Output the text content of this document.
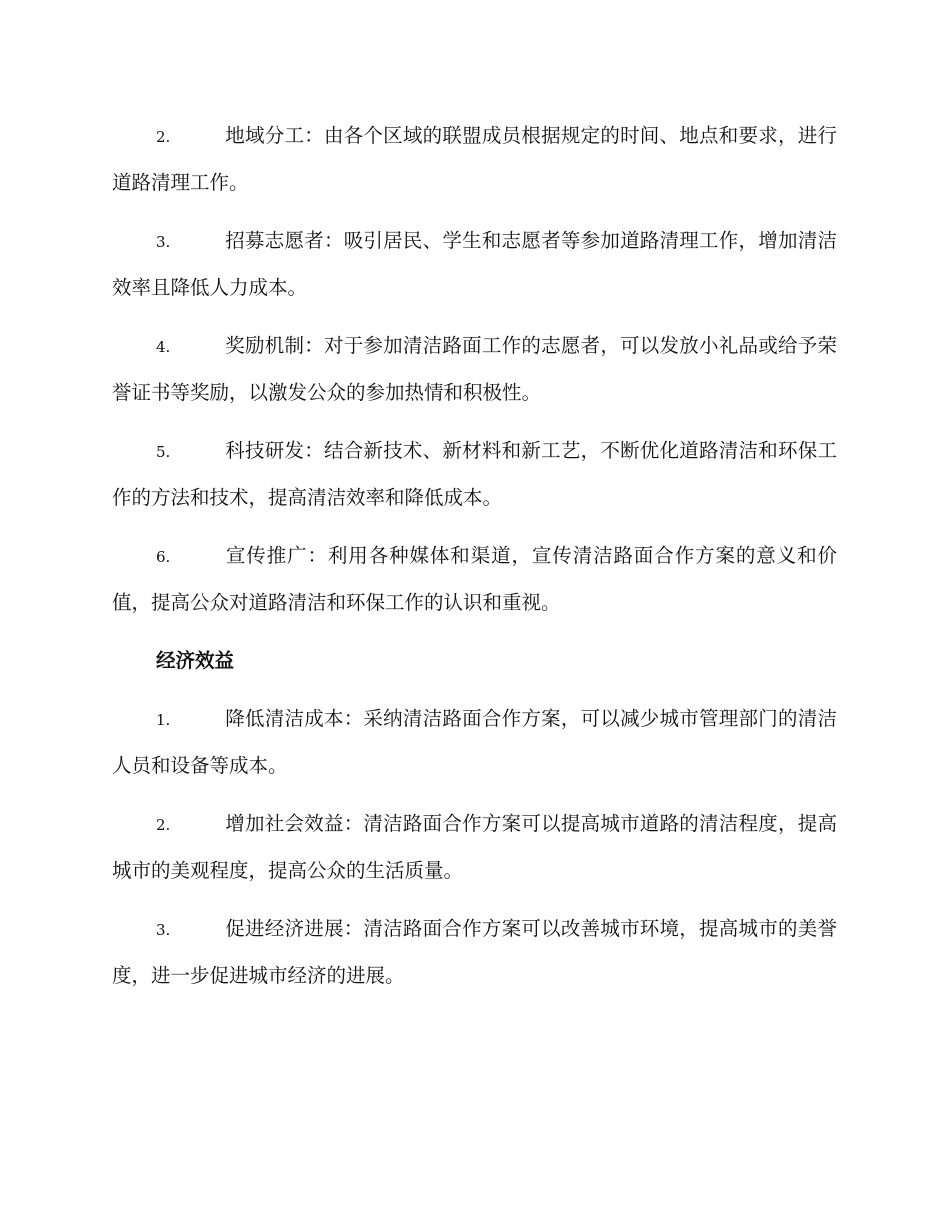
2.	地域分工：由各个区域的联盟成员根据规定的时间、地点和要求，进行道路清理工作。
3.	招募志愿者：吸引居民、学生和志愿者等参加道路清理工作，增加清洁效率且降低人力成本。
4.	奖励机制：对于参加清洁路面工作的志愿者，可以发放小礼品或给予荣誉证书等奖励，以激发公众的参加热情和积极性。
5.	科技研发：结合新技术、新材料和新工艺，不断优化道路清洁和环保工作的方法和技术，提高清洁效率和降低成本。
6.	宣传推广：利用各种媒体和渠道，宣传清洁路面合作方案的意义和价值，提高公众对道路清洁和环保工作的认识和重视。
经济效益
1.	降低清洁成本：采纳清洁路面合作方案，可以减少城市管理部门的清洁人员和设备等成本。
2.	增加社会效益：清洁路面合作方案可以提高城市道路的清洁程度，提高城市的美观程度，提高公众的生活质量。
3.	促进经济进展：清洁路面合作方案可以改善城市环境，提高城市的美誉度，进一步促进城市经济的进展。
